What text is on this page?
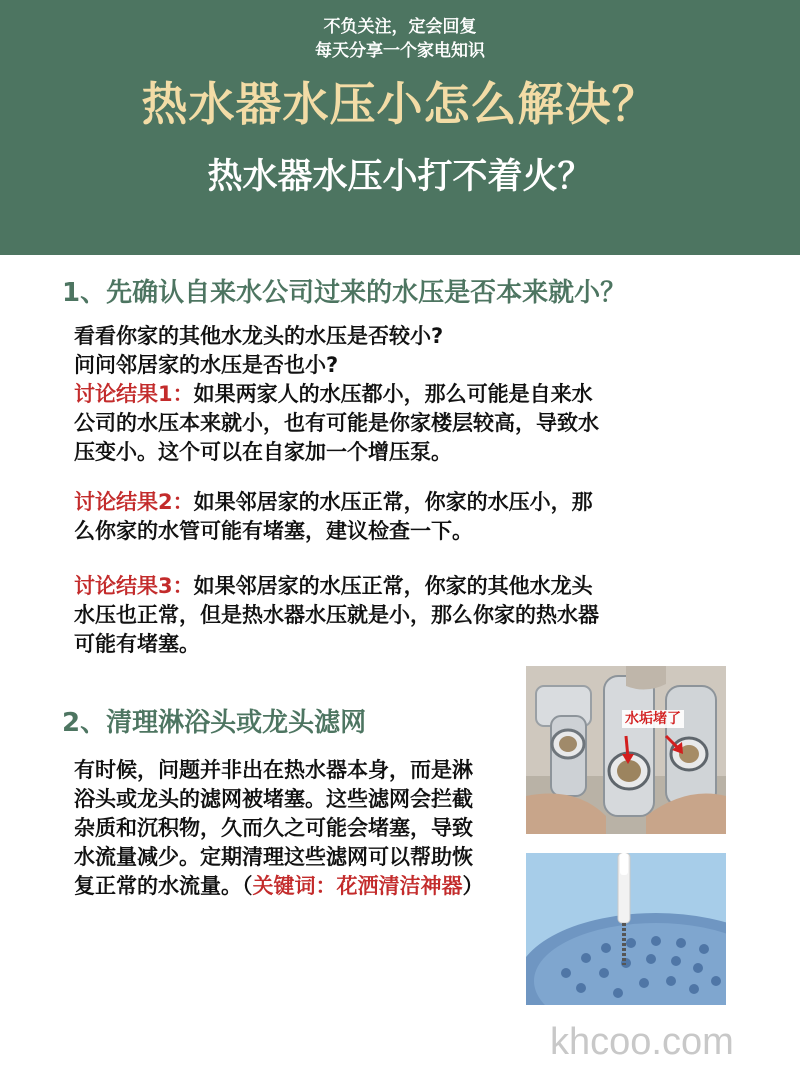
不负关注，定会回复
每天分享一个家电知识
热水器水压小怎么解决？
热水器水压小打不着火？
1、先确认自来水公司过来的水压是否本来就小？
看看你家的其他水龙头的水压是否较小?
问问邻居家的水压是否也小?
讨论结果1：如果两家人的水压都小，那么可能是自来水
公司的水压本来就小，也有可能是你家楼层较高，导致水
压变小。这个可以在自家加一个增压泵。
讨论结果2：如果邻居家的水压正常，你家的水压小，那
么你家的水管可能有堵塞，建议检查一下。
讨论结果3：如果邻居家的水压正常，你家的其他水龙头
水压也正常，但是热水器水压就是小，那么你家的热水器
可能有堵塞。
2、清理淋浴头或龙头滤网
有时候，问题并非出在热水器本身，而是淋
浴头或龙头的滤网被堵塞。这些滤网会拦截
杂质和沉积物，久而久之可能会堵塞，导致
水流量减少。定期清理这些滤网可以帮助恢
复正常的水流量。（关键词：花洒清洁神器）
水垢堵了
khcoo.com
